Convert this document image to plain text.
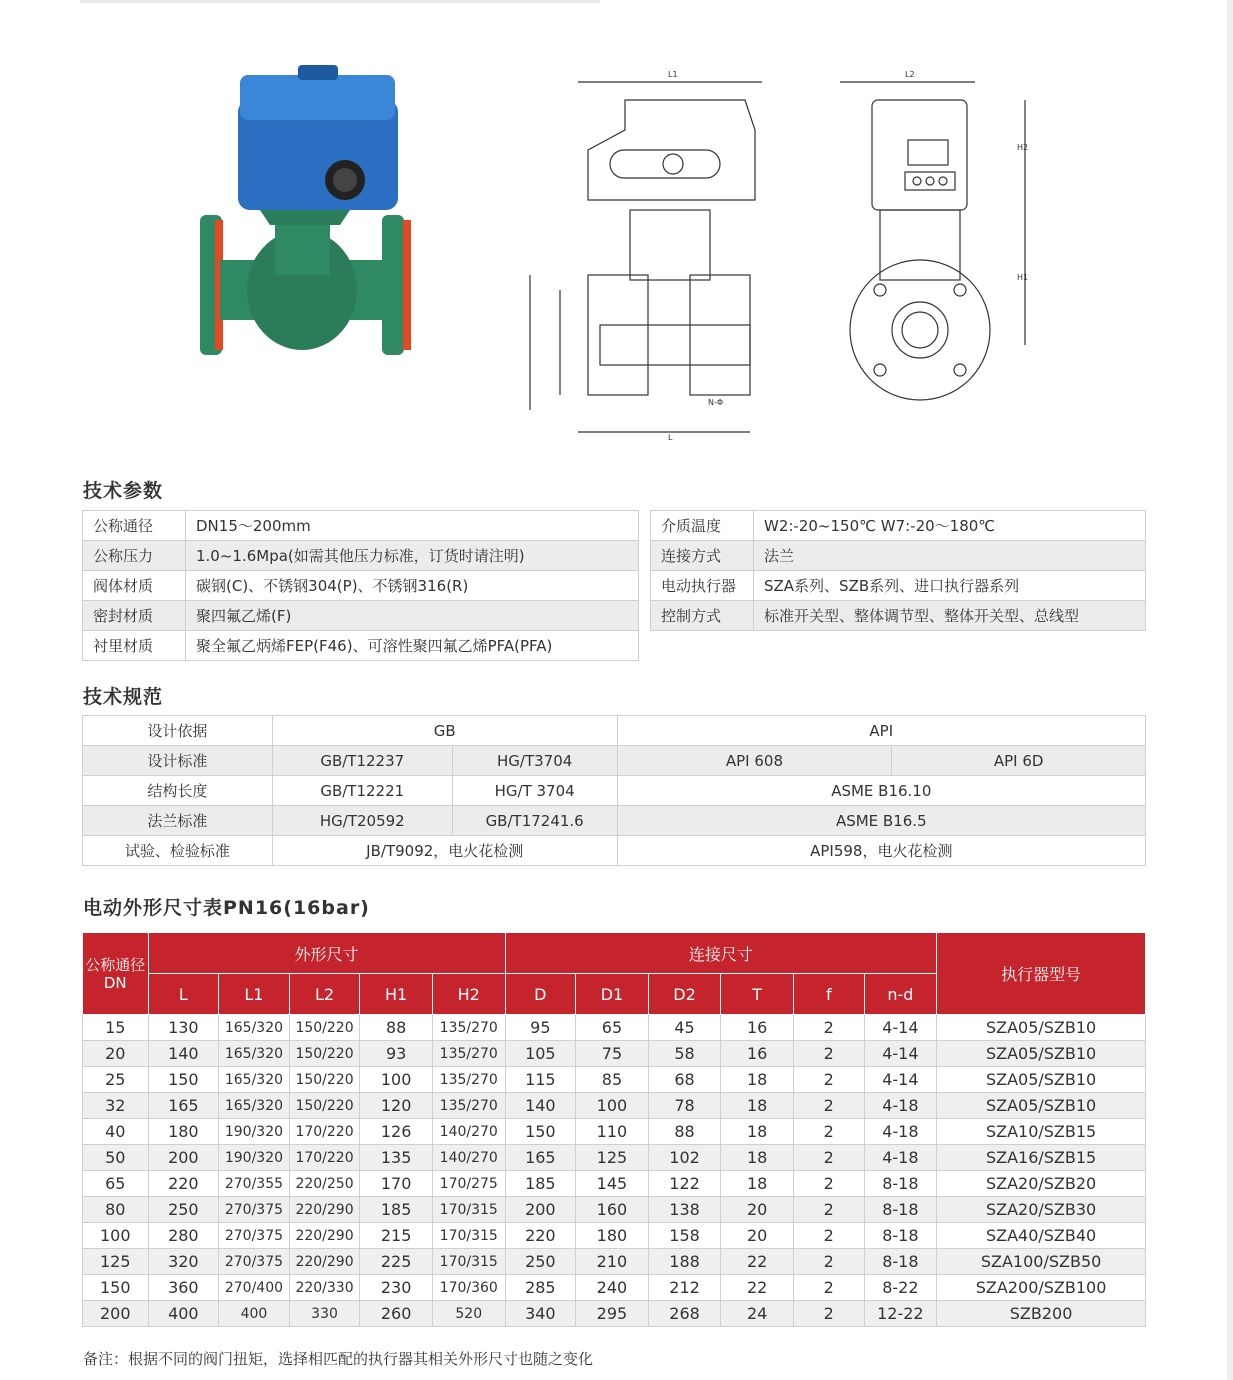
L1
L
N-Φ
L2
H2
H1
技术参数
公称通径	DN15～200mm
公称压力	1.0~1.6Mpa(如需其他压力标准，订货时请注明)
阀体材质	碳钢(C)、不锈钢304(P)、不锈钢316(R)
密封材质	聚四氟乙烯(F)
衬里材质	聚全氟乙炳烯FEP(F46)、可溶性聚四氟乙烯PFA(PFA)
介质温度	W2:-20~150℃ W7:-20～180℃
连接方式	法兰
电动执行器	SZA系列、SZB系列、进口执行器系列
控制方式	标准开关型、整体调节型、整体开关型、总线型
技术规范
设计依据	GB		API	
设计标准	GB/T12237	HG/T3704	API 608	API 6D
结构长度	GB/T12221	HG/T 3704	ASME B16.10	
法兰标准	HG/T20592	GB/T17241.6	ASME B16.5	
试验、检验标准	JB/T9092，电火花检测		API598，电火花检测	
电动外形尺寸表PN16(16bar)
公称通径DN	外形尺寸					连接尺寸						执行器型号
	L	L1	L2	H1	H2	D	D1	D2	T	f	n-d	
15	130	165/320	150/220	88	135/270	95	65	45	16	2	4-14	SZA05/SZB10
20	140	165/320	150/220	93	135/270	105	75	58	16	2	4-14	SZA05/SZB10
25	150	165/320	150/220	100	135/270	115	85	68	18	2	4-14	SZA05/SZB10
32	165	165/320	150/220	120	135/270	140	100	78	18	2	4-18	SZA05/SZB10
40	180	190/320	170/220	126	140/270	150	110	88	18	2	4-18	SZA10/SZB15
50	200	190/320	170/220	135	140/270	165	125	102	18	2	4-18	SZA16/SZB15
65	220	270/355	220/250	170	170/275	185	145	122	18	2	8-18	SZA20/SZB20
80	250	270/375	220/290	185	170/315	200	160	138	20	2	8-18	SZA20/SZB30
100	280	270/375	220/290	215	170/315	220	180	158	20	2	8-18	SZA40/SZB40
125	320	270/375	220/290	225	170/315	250	210	188	22	2	8-18	SZA100/SZB50
150	360	270/400	220/330	230	170/360	285	240	212	22	2	8-22	SZA200/SZB100
200	400	400	330	260	520	340	295	268	24	2	12-22	SZB200

备注：根据不同的阀门扭矩，选择相匹配的执行器其相关外形尺寸也随之变化
